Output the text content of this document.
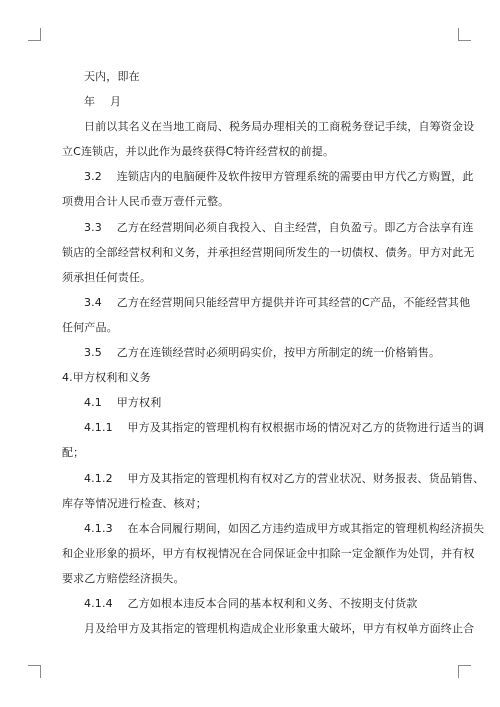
天内，即在
年　 月
日前以其名义在当地工商局、税务局办理相关的工商税务登记手续，自筹资金设
立C连锁店，并以此作为最终获得C特许经营权的前提。
3.2　 连锁店内的电脑硬件及软件按甲方管理系统的需要由甲方代乙方购置，此
项费用合计人民币壹万壹仟元整。
3.3　 乙方在经营期间必须自我投入、自主经营，自负盈亏。即乙方合法享有连
锁店的全部经营权利和义务，并承担经营期间所发生的一切债权、债务。甲方对此无
须承担任何责任。
3.4　 乙方在经营期间只能经营甲方提供并许可其经营的C产品，不能经营其他
任何产品。
3.5　 乙方在连锁经营时必须明码实价，按甲方所制定的统一价格销售。
4.甲方权利和义务
4.1　 甲方权利
4.1.1　 甲方及其指定的管理机构有权根据市场的情况对乙方的货物进行适当的调
配；
4.1.2　 甲方及其指定的管理机构有权对乙方的营业状况、财务报表、货品销售、
库存等情况进行检查、核对；
4.1.3　 在本合同履行期间，如因乙方违约造成甲方或其指定的管理机构经济损失
和企业形象的损坏，甲方有权视情况在合同保证金中扣除一定金额作为处罚，并有权
要求乙方赔偿经济损失。
4.1.4　 乙方如根本违反本合同的基本权利和义务、不按期支付货款
月及给甲方及其指定的管理机构造成企业形象重大破坏，甲方有权单方面终止合
